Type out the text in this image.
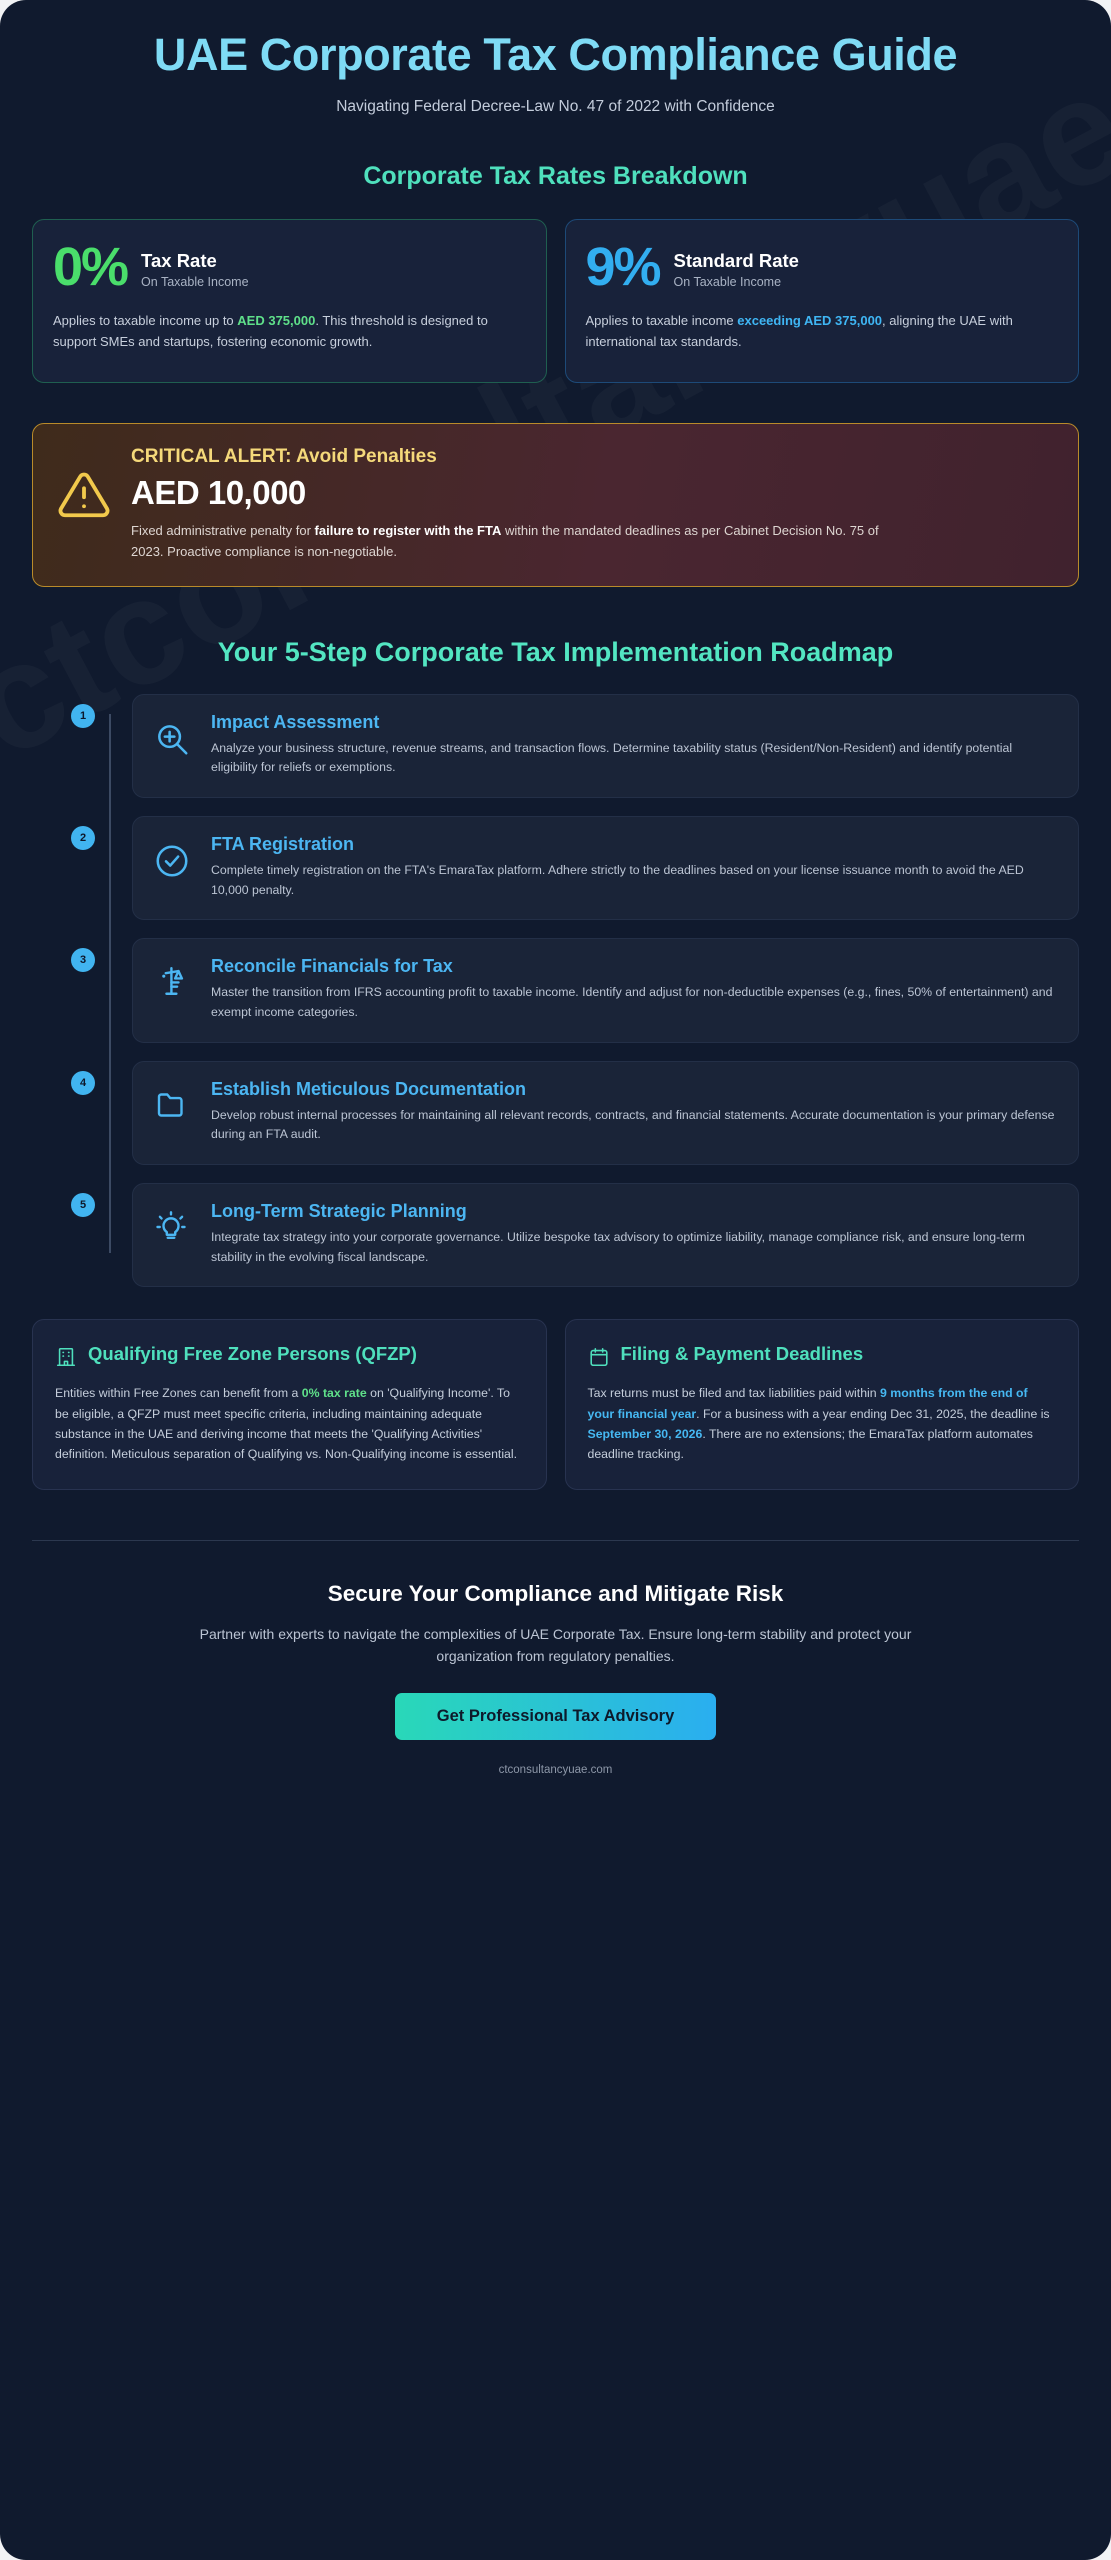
UAE Corporate Tax Compliance Guide
Navigating Federal Decree-Law No. 47 of 2022 with Confidence
Corporate Tax Rates Breakdown
0% Tax Rate
On Taxable Income
Applies to taxable income up to AED 375,000. This threshold is designed to support SMEs and startups, fostering economic growth.
9% Standard Rate
On Taxable Income
Applies to taxable income exceeding AED 375,000, aligning the UAE with international tax standards.
CRITICAL ALERT: Avoid Penalties
AED 10,000
Fixed administrative penalty for failure to register with the FTA within the mandated deadlines as per Cabinet Decision No. 75 of 2023. Proactive compliance is non-negotiable.
Your 5-Step Corporate Tax Implementation Roadmap
1	Impact Assessment
Analyze your business structure, revenue streams, and transaction flows. Determine taxability status (Resident/Non-Resident) and identify potential eligibility for reliefs or exemptions.
2	FTA Registration
Complete timely registration on the FTA's EmaraTax platform. Adhere strictly to the deadlines based on your license issuance month to avoid the AED 10,000 penalty.
3	Reconcile Financials for Tax
Master the transition from IFRS accounting profit to taxable income. Identify and adjust for non-deductible expenses (e.g., fines, 50% of entertainment) and exempt income categories.
4	Establish Meticulous Documentation
Develop robust internal processes for maintaining all relevant records, contracts, and financial statements. Accurate documentation is your primary defense during an FTA audit.
5	Long-Term Strategic Planning
Integrate tax strategy into your corporate governance. Utilize bespoke tax advisory to optimize liability, manage compliance risk, and ensure long-term stability in the evolving fiscal landscape.
Qualifying Free Zone Persons (QFZP)
Entities within Free Zones can benefit from a 0% tax rate on 'Qualifying Income'. To be eligible, a QFZP must meet specific criteria, including maintaining adequate substance in the UAE and deriving income that meets the 'Qualifying Activities' definition. Meticulous separation of Qualifying vs. Non-Qualifying income is essential.
Filing & Payment Deadlines
Tax returns must be filed and tax liabilities paid within 9 months from the end of your financial year. For a business with a year ending Dec 31, 2025, the deadline is September 30, 2026. There are no extensions; the EmaraTax platform automates deadline tracking.
Secure Your Compliance and Mitigate Risk

Partner with experts to navigate the complexities of UAE Corporate Tax. Ensure long-term stability and protect your organization from regulatory penalties.

Get Professional Tax Advisory
ctconsultancyuae.com
